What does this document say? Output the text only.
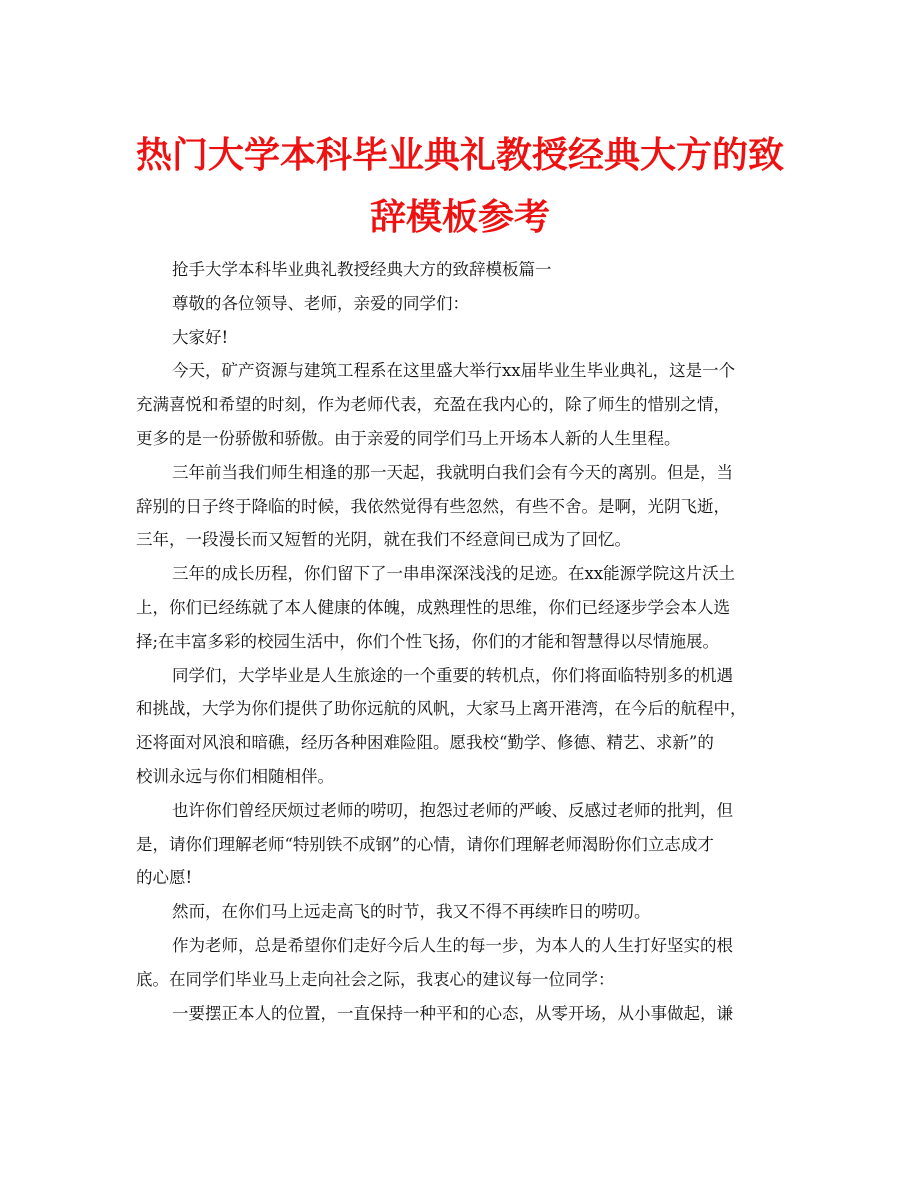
热门大学本科毕业典礼教授经典大方的致
辞模板参考
抢手大学本科毕业典礼教授经典大方的致辞模板篇一
尊敬的各位领导、老师，亲爱的同学们：
大家好!
今天，矿产资源与建筑工程系在这里盛大举行xx届毕业生毕业典礼，这是一个
充满喜悦和希望的时刻，作为老师代表，充盈在我内心的，除了师生的惜别之情，
更多的是一份骄傲和骄傲。由于亲爱的同学们马上开场本人新的人生里程。
三年前当我们师生相逢的那一天起，我就明白我们会有今天的离别。但是，当
辞别的日子终于降临的时候，我依然觉得有些忽然，有些不舍。是啊，光阴飞逝，
三年，一段漫长而又短暂的光阴，就在我们不经意间已成为了回忆。
三年的成长历程，你们留下了一串串深深浅浅的足迹。在xx能源学院这片沃土
上，你们已经练就了本人健康的体魄，成熟理性的思维，你们已经逐步学会本人选
择;在丰富多彩的校园生活中，你们个性飞扬，你们的才能和智慧得以尽情施展。
同学们，大学毕业是人生旅途的一个重要的转机点，你们将面临特别多的机遇
和挑战，大学为你们提供了助你远航的风帆，大家马上离开港湾，在今后的航程中，
还将面对风浪和暗礁，经历各种困难险阻。愿我校“勤学、修德、精艺、求新”的
校训永远与你们相随相伴。
也许你们曾经厌烦过老师的唠叨，抱怨过老师的严峻、反感过老师的批判，但
是，请你们理解老师“特别铁不成钢”的心情，请你们理解老师渴盼你们立志成才
的心愿!
然而，在你们马上远走高飞的时节，我又不得不再续昨日的唠叨。
作为老师，总是希望你们走好今后人生的每一步，为本人的人生打好坚实的根
底。在同学们毕业马上走向社会之际，我衷心的建议每一位同学：
一要摆正本人的位置，一直保持一种平和的心态，从零开场，从小事做起，谦
